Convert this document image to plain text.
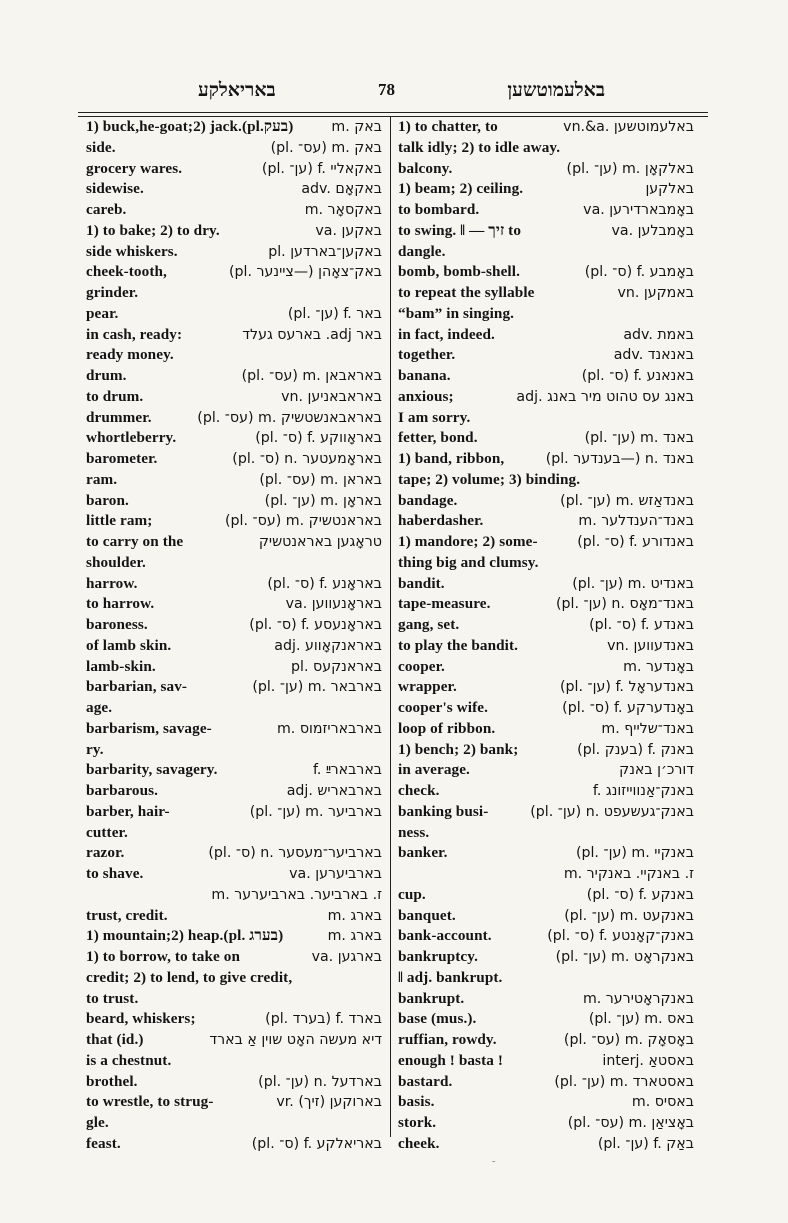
באריאלקע	78	באלעמוטשען
1) buck,he-goat;2) jack.(pl.בעק)	m. באק
side.	(pl. עס־) m. באק
grocery wares.	(pl. ען־) f. באקאליי
sidewise.	adv. באקאָם
careb.	m. באקסאָר
1) to bake; 2) to dry.	va. באקען
side whiskers.	pl. באקען־בארדען
cheek-tooth,	(pl. ציינער—) באק־צאָהן
grinder.
pear.	(pl. ען־) f. באר
in cash, ready:	באר adj. בארעס געלד
ready money.
drum.	(pl. עס־) m. באראבאן
to drum.	vn. באראבאניען
drummer.	(pl. עס־) m. באראבאנשטשיק
whortleberry.	(pl. ס־) f. באראָווקע
barometer.	(pl. ס־) n. באראָמעטער
ram.	(pl. עס־) m. באראן
baron.	(pl. ען־) m. באראָן
little ram;	(pl. עס־) m. באראנטשיק
to carry on the	טראָגען באראנטשיק
shoulder.
harrow.	(pl. ס־) f. באראָנע
to harrow.	va. באראָנעווען
baroness.	(pl. ס־) f. באראָנעסע
of lamb skin.	adj. באראנקאָווע
lamb-skin.	pl. באראנקעס
barbarian, sav-	(pl. ען־) m. בארבאר
age.
barbarism, savage-	m. בארבאריזמוס
ry.
barbarity, savagery.	f. בארבארײַ
barbarous.	adj. בארבאריש
barber, hair-	(pl. ען־) m. בארביער
cutter.
razor.	(pl. ס־) n. בארביער־מעסער
to shave.	va. בארביערען
m. ז. בארביער. בארביערער
trust, credit.	m. בארג
1) mountain;2) heap.(pl. בערג)	m. בארג
1) to borrow, to take on	va. בארגען
credit; 2) to lend, to give credit,
to trust.
beard, whiskers;	(pl. בערד) f. בארד
that (id.)	דיא מעשה האָט שוין אַ בארד
is a chestnut.
brothel.	(pl. ען־) n. בארדעל
to wrestle, to strug-	vr. (זיך) בארוקען
gle.
feast.	(pl. ס־) f. באריאלקע
1) to chatter, to	vn.&a. באלעמוטשען
talk idly; 2) to idle away.
balcony.	(pl. ען־) m. באלקאָן
1) beam; 2) ceiling.	באלקען
to bombard.	va. באָמבארדירען
to swing. ‖ — זיך to	va. באָמבלען
dangle.
bomb, bomb-shell.	(pl. ס־) f. באָמבע
to repeat the syllable	vn. באמקען
“bam” in singing.
in fact, indeed.	adv. באמת
together.	adv. באנאנד
banana.	(pl. ס־) f. באנאנע
anxious;	adj. באנג עס טהוט מיר באנג
I am sorry.
fetter, bond.	(pl. ען־) m. באנד
1) band, ribbon,	(pl. בענדער—) n. באנד
tape; 2) volume; 3) binding.
bandage.	(pl. ען־) m. באנדאַזש
haberdasher.	m. באנד־הענדלער
1) mandore; 2) some-	(pl. ס־) f. באנדורע
thing big and clumsy.
bandit.	(pl. ען־) m. באנדיט
tape-measure.	(pl. ען־) n. באנד־מאָס
gang, set.	(pl. ס־) f. באנדע
to play the bandit.	vn. באנדעווען
cooper.	m. באָנדער
wrapper.	(pl. ען־) f. באנדעראָל
cooper's wife.	(pl. ס־) f. באָנדערקע
loop of ribbon.	m. באנד־שלייף
1) bench; 2) bank;	(pl. בענק) f. באנק
in average.	דורכ׳ן באנק
check.	f. באנק־אַנווייזונג
banking busi-	(pl. ען־) n. באנק־געשעפט
ness.
banker.	(pl. ען־) m. באנקיי
m. ז. באנקיי. באנקיר
cup.	(pl. ס־) f. באנקע
banquet.	(pl. ען־) m. באנקעט
bank-account.	(pl. ס־) f. באנק־קאָנטע
bankruptcy.	(pl. ען־) m. באנקראָט
‖ adj. bankrupt.
bankrupt.	m. באנקראָטירער
base (mus.).	(pl. ען־) m. באס
ruffian, rowdy.	(pl. עס־) m. באָסאָק
enough ! basta !	interj. באסטאַ
bastard.	(pl. ען־) m. באסטארד
basis.	m. באסיס
stork.	(pl. עס־) m. באָציאַן
cheek.	(pl. ען־) f. באַק
˜
